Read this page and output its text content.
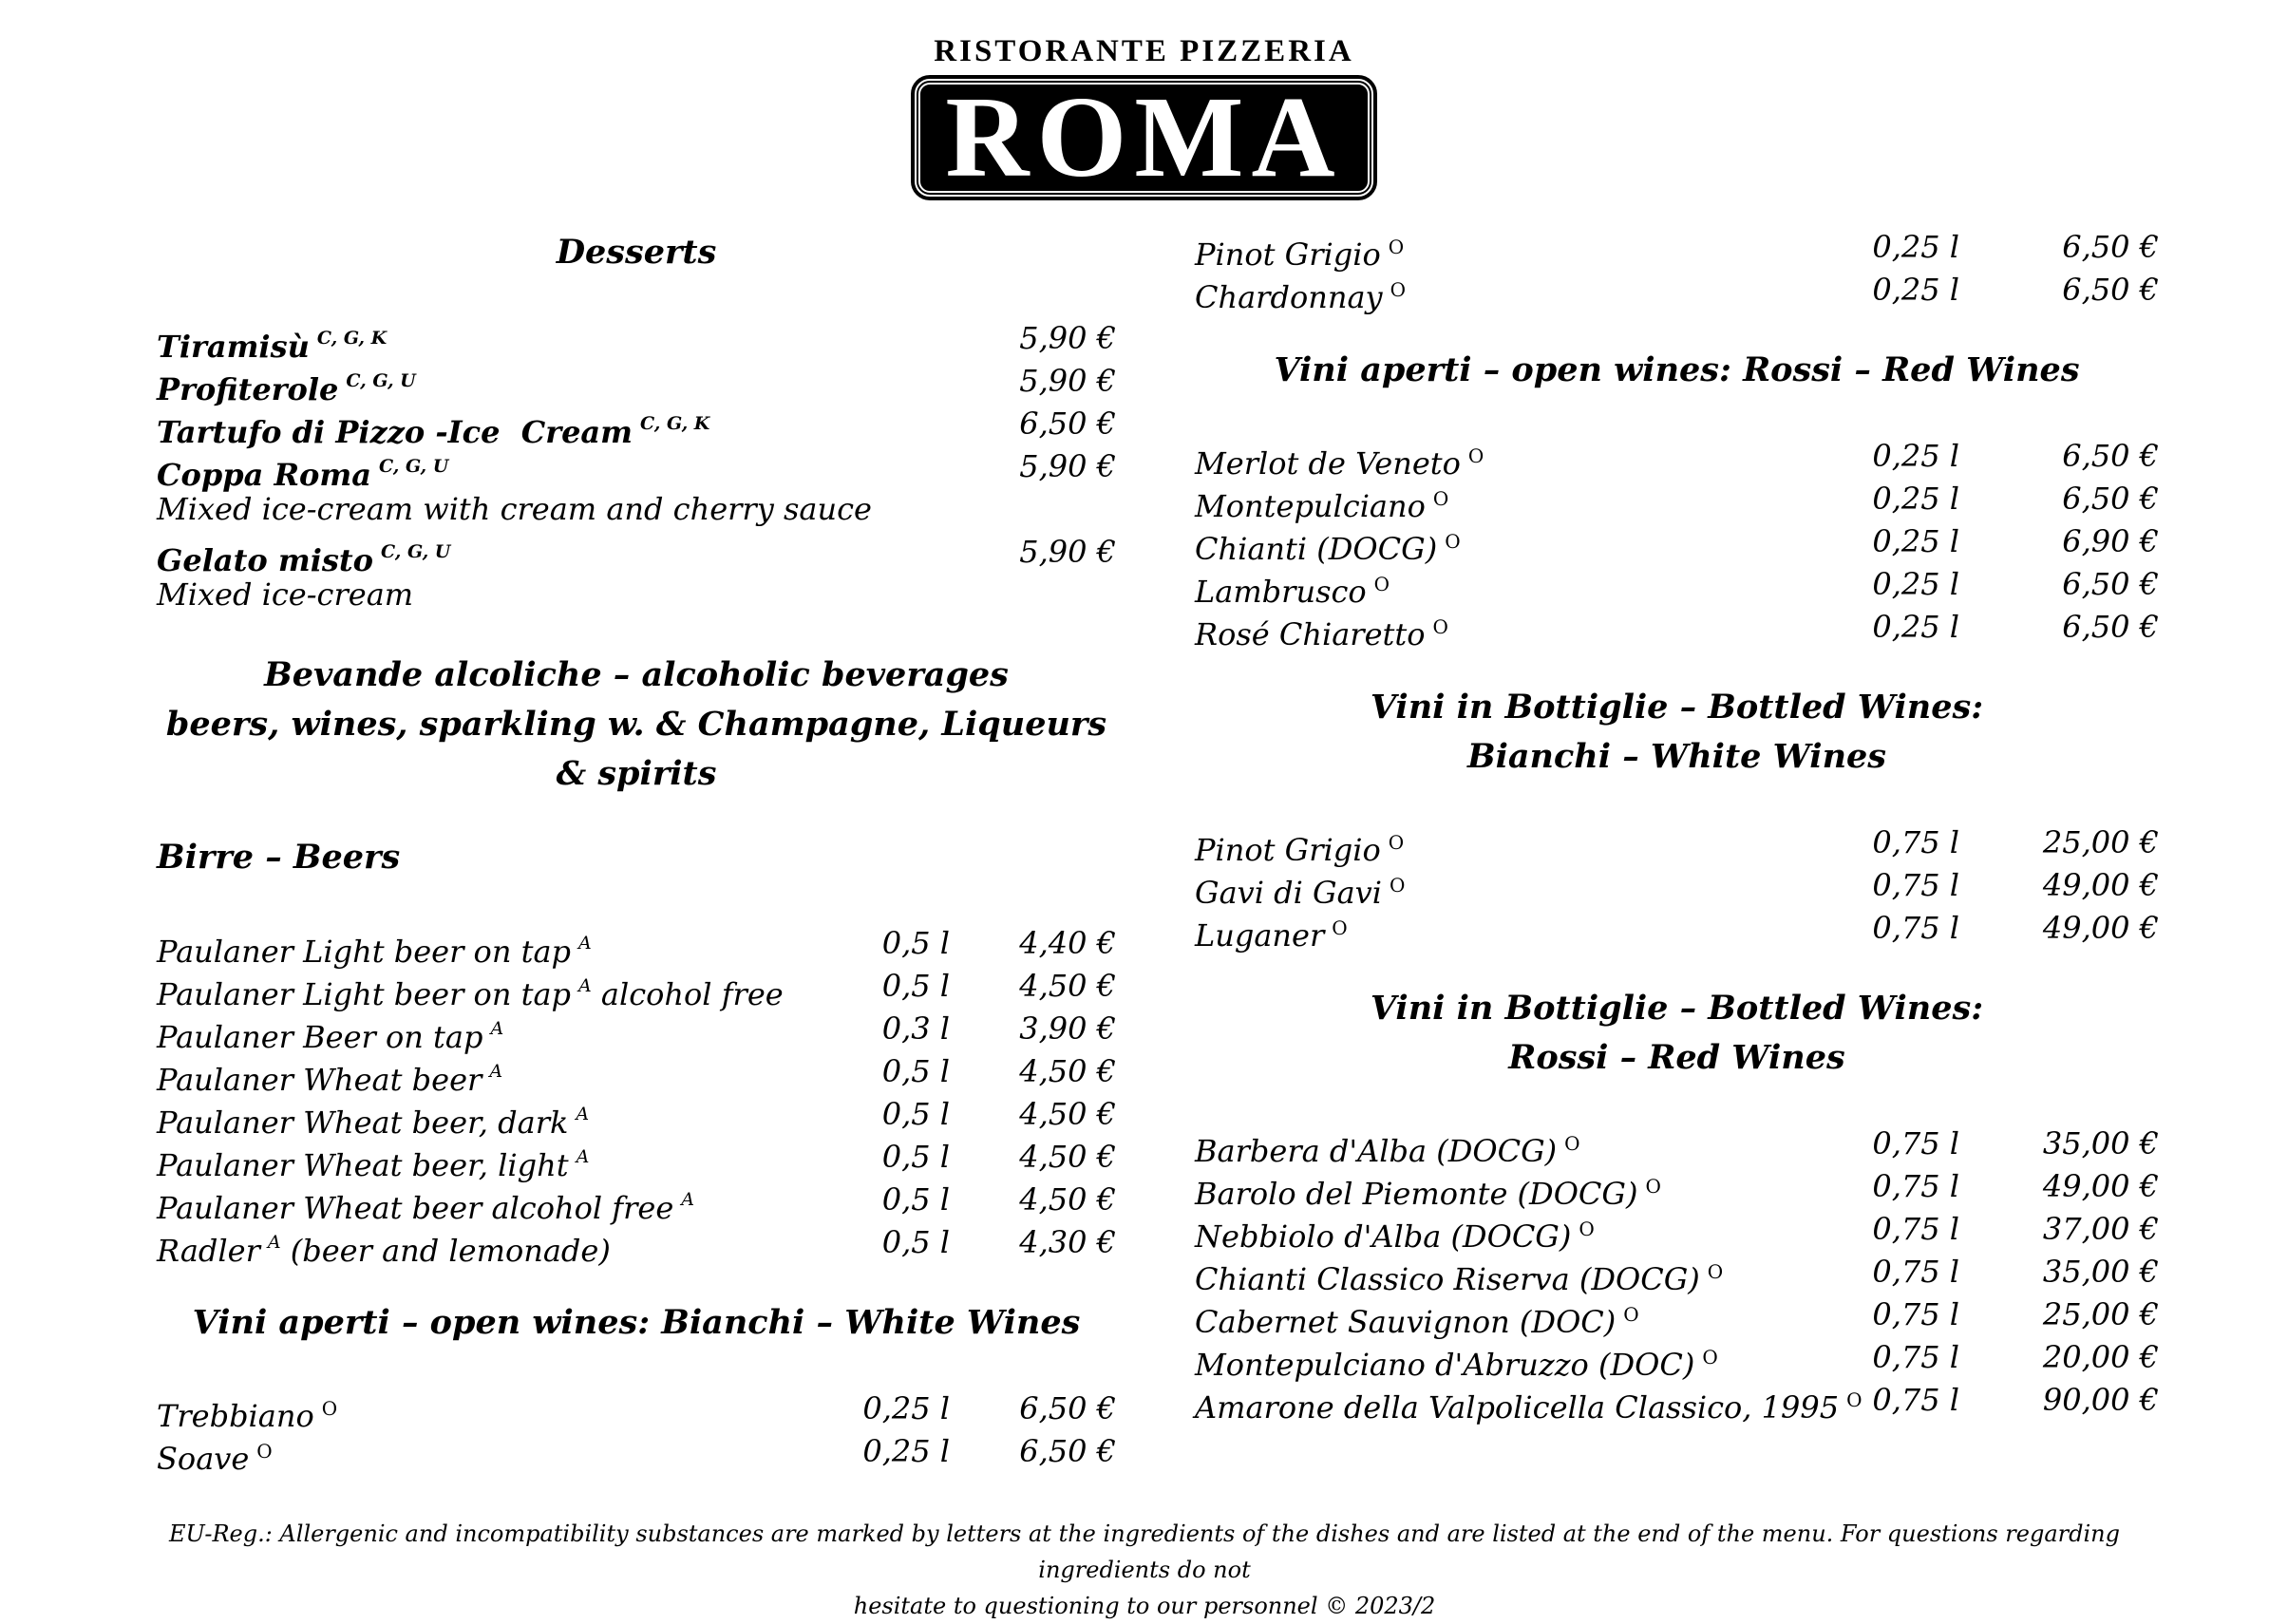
RISTORANTE PIZZERIA
ROMA
Desserts
Tiramisù $^{C, G, K}$	5,90 €
Profiterole $^{C, G, U}$	5,90 €
Tartufo di Pizzo -Ice  Cream $^{C, G, K}$	6,50 €
Coppa Roma $^{C, G, U}$	5,90 €
Mixed ice-cream with cream and cherry sauce
Gelato misto $^{C, G, U}$	5,90 €
Mixed ice-cream
Bevande alcoliche – alcoholic beverages
beers, wines, sparkling w. & Champagne, Liqueurs & spirits
Birre – Beers
Paulaner Light beer on tap $^A$	0,5 l 4,40 €
Paulaner Light beer on tap $^A$ alcohol free	0,5 l 4,50 €
Paulaner Beer on tap $^A$	0,3 l 3,90 €
Paulaner Wheat beer $^A$	0,5 l 4,50 €
Paulaner Wheat beer, dark $^A$	0,5 l 4,50 €
Paulaner Wheat beer, light $^A$	0,5 l 4,50 €
Paulaner Wheat beer alcohol free $^A$	0,5 l 4,50 €
Radler $^A$ (beer and lemonade)	0,5 l 4,30 €
Vini aperti – open wines: Bianchi – White Wines
Trebbiano $^O$	0,25 l 6,50 €
Soave $^O$	0,25 l 6,50 €
Pinot Grigio $^O$	0,25 l	6,50 €
Chardonnay $^O$	0,25 l	6,50 €
Vini aperti – open wines: Rossi – Red Wines
Merlot de Veneto $^O$	0,25 l	6,50 €
Montepulciano $^O$	0,25 l	6,50 €
Chianti (DOCG) $^O$	0,25 l	6,90 €
Lambrusco $^O$	0,25 l	6,50 €
Rosé Chiaretto $^O$	0,25 l	6,50 €
Vini in Bottiglie – Bottled Wines:
Bianchi – White Wines
Pinot Grigio $^O$	0,75 l	25,00 €
Gavi di Gavi $^O$	0,75 l	49,00 €
Luganer $^O$	0,75 l	49,00 €
Vini in Bottiglie – Bottled Wines:
Rossi – Red Wines
Barbera d'Alba (DOCG) $^O$	0,75 l	35,00 €
Barolo del Piemonte (DOCG) $^O$	0,75 l	49,00 €
Nebbiolo d'Alba (DOCG) $^O$	0,75 l	37,00 €
Chianti Classico Riserva (DOCG) $^O$	0,75 l	35,00 €
Cabernet Sauvignon (DOC) $^O$	0,75 l	25,00 €
Montepulciano d'Abruzzo (DOC) $^O$	0,75 l	20,00 €
Amarone della Valpolicella Classico, 1995 $^O$ 0,75 l	90,00 €
EU-Reg.: Allergenic and incompatibility substances are marked by letters at the ingredients of the dishes and are listed at the end of the menu. For questions regarding ingredients do not
hesitate to questioning to our personnel © 2023/2
